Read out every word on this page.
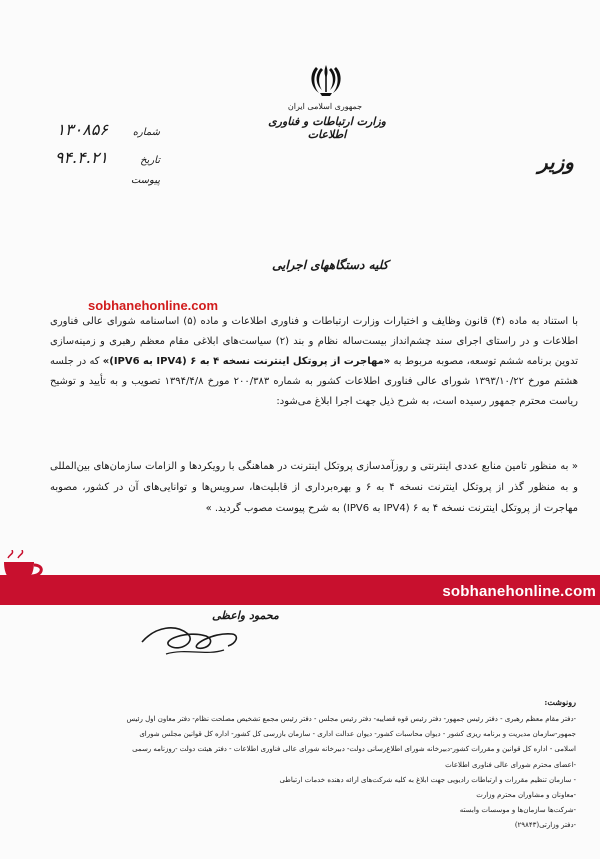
جمهوری اسلامی ایران
وزارت ارتباطات و فناوری اطلاعات
وزیر
شماره
۱۳۰۸۵۶
تاریخ
۹۴.۴.۲۱
پیوست
کلیه دستگاههای اجرایی
sobhanehonline.com
با استناد به ماده (۴) قانون وظایف و اختیارات وزارت ارتباطات و فناوری اطلاعات و ماده (۵) اساسنامه شورای عالی فناوری اطلاعات و در راستای اجرای سند چشم‌انداز بیست‌ساله نظام و بند (۲) سیاست‌های ابلاغی مقام معظم رهبری و زمینه‌سازی تدوین برنامه ششم توسعه، مصوبه مربوط به «مهاجرت از پروتکل اینترنت نسخه ۴ به ۶ (IPV4 به IPV6)» که در جلسه هشتم مورخ ۱۳۹۳/۱۰/۲۲ شورای عالی فناوری اطلاعات کشور به شماره ۲۰۰/۳۸۳ مورخ ۱۳۹۴/۴/۸ تصویب و به تأیید و توشیح ریاست محترم جمهور رسیده است، به شرح ذیل جهت اجرا ابلاغ می‌شود:
« به منظور تامین منابع عددی اینترنتی و روزآمدسازی پروتکل اینترنت در هماهنگی با رویکردها و الزامات سازمان‌های بین‌المللی و به منظور گذر از پروتکل اینترنت نسخه ۴ به ۶ و بهره‌برداری از قابلیت‌ها، سرویس‌ها و توانایی‌های آن در کشور، مصوبه مهاجرت از پروتکل اینترنت نسخه ۴ به ۶ (IPV4 به IPV6) به شرح پیوست مصوب گردید. »
sobhanehonline.com
محمود واعظی
رونوشت:
-دفتر مقام معظم رهبری - دفتر رئیس جمهور- دفتر رئیس قوه قضاییه- دفتر رئیس مجلس - دفتر رئیس مجمع تشخیص مصلحت نظام- دفتر معاون اول رئیس
جمهور-سازمان مدیریت و برنامه ریزی کشور - دیوان محاسبات کشور- دیوان عدالت اداری - سازمان بازرسی کل کشور- اداره کل قوانین مجلس شورای
اسلامی - اداره کل قوانین و مقررات کشور-دبیرخانه شورای اطلاع‌رسانی دولت- دبیرخانه شورای عالی فناوری اطلاعات - دفتر هیئت دولت -روزنامه رسمی
-اعضای محترم شورای عالی فناوری اطلاعات
- سازمان تنظیم مقررات و ارتباطات رادیویی جهت ابلاغ به کلیه شرکت‌های ارائه دهنده خدمات ارتباطی
-معاونان و مشاوران محترم وزارت
-شرکت‌ها سازمان‌ها و موسسات وابسته
-دفتر وزارتی(۲۹۸۴۳)
